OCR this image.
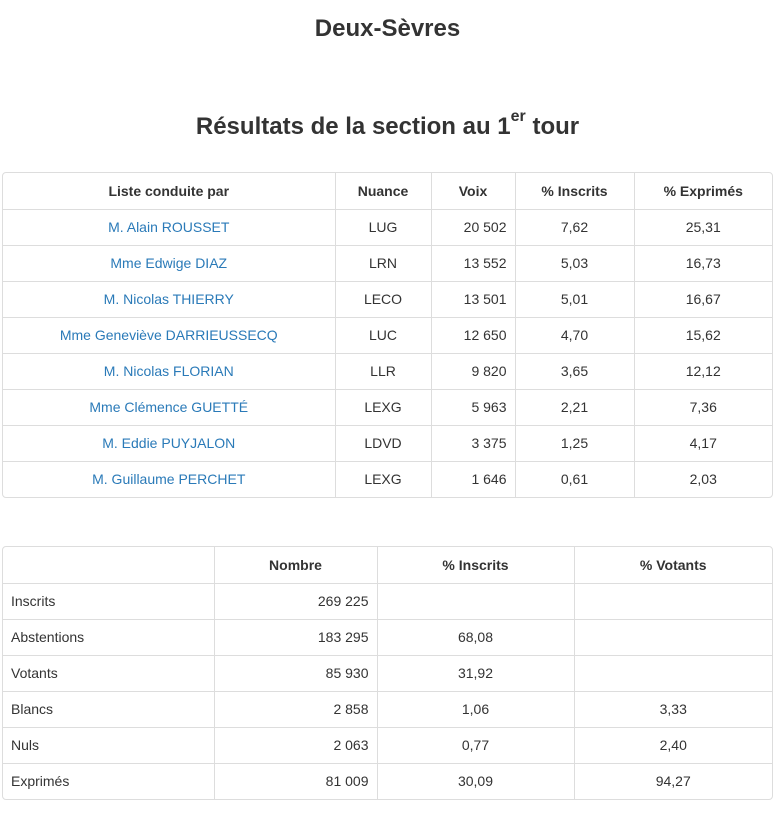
Deux-Sèvres
Résultats de la section au 1er tour
Liste conduite par	Nuance	Voix	% Inscrits	% Exprimés
M. Alain ROUSSET	LUG	20 502	7,62	25,31
Mme Edwige DIAZ	LRN	13 552	5,03	16,73
M. Nicolas THIERRY	LECO	13 501	5,01	16,67
Mme Geneviève DARRIEUSSECQ	LUC	12 650	4,70	15,62
M. Nicolas FLORIAN	LLR	9 820	3,65	12,12
Mme Clémence GUETTÉ	LEXG	5 963	2,21	7,36
M. Eddie PUYJALON	LDVD	3 375	1,25	4,17
M. Guillaume PERCHET	LEXG	1 646	0,61	2,03
	Nombre	% Inscrits	% Votants
Inscrits	269 225		
Abstentions	183 295	68,08	
Votants	85 930	31,92	
Blancs	2 858	1,06	3,33
Nuls	2 063	0,77	2,40
Exprimés	81 009	30,09	94,27
